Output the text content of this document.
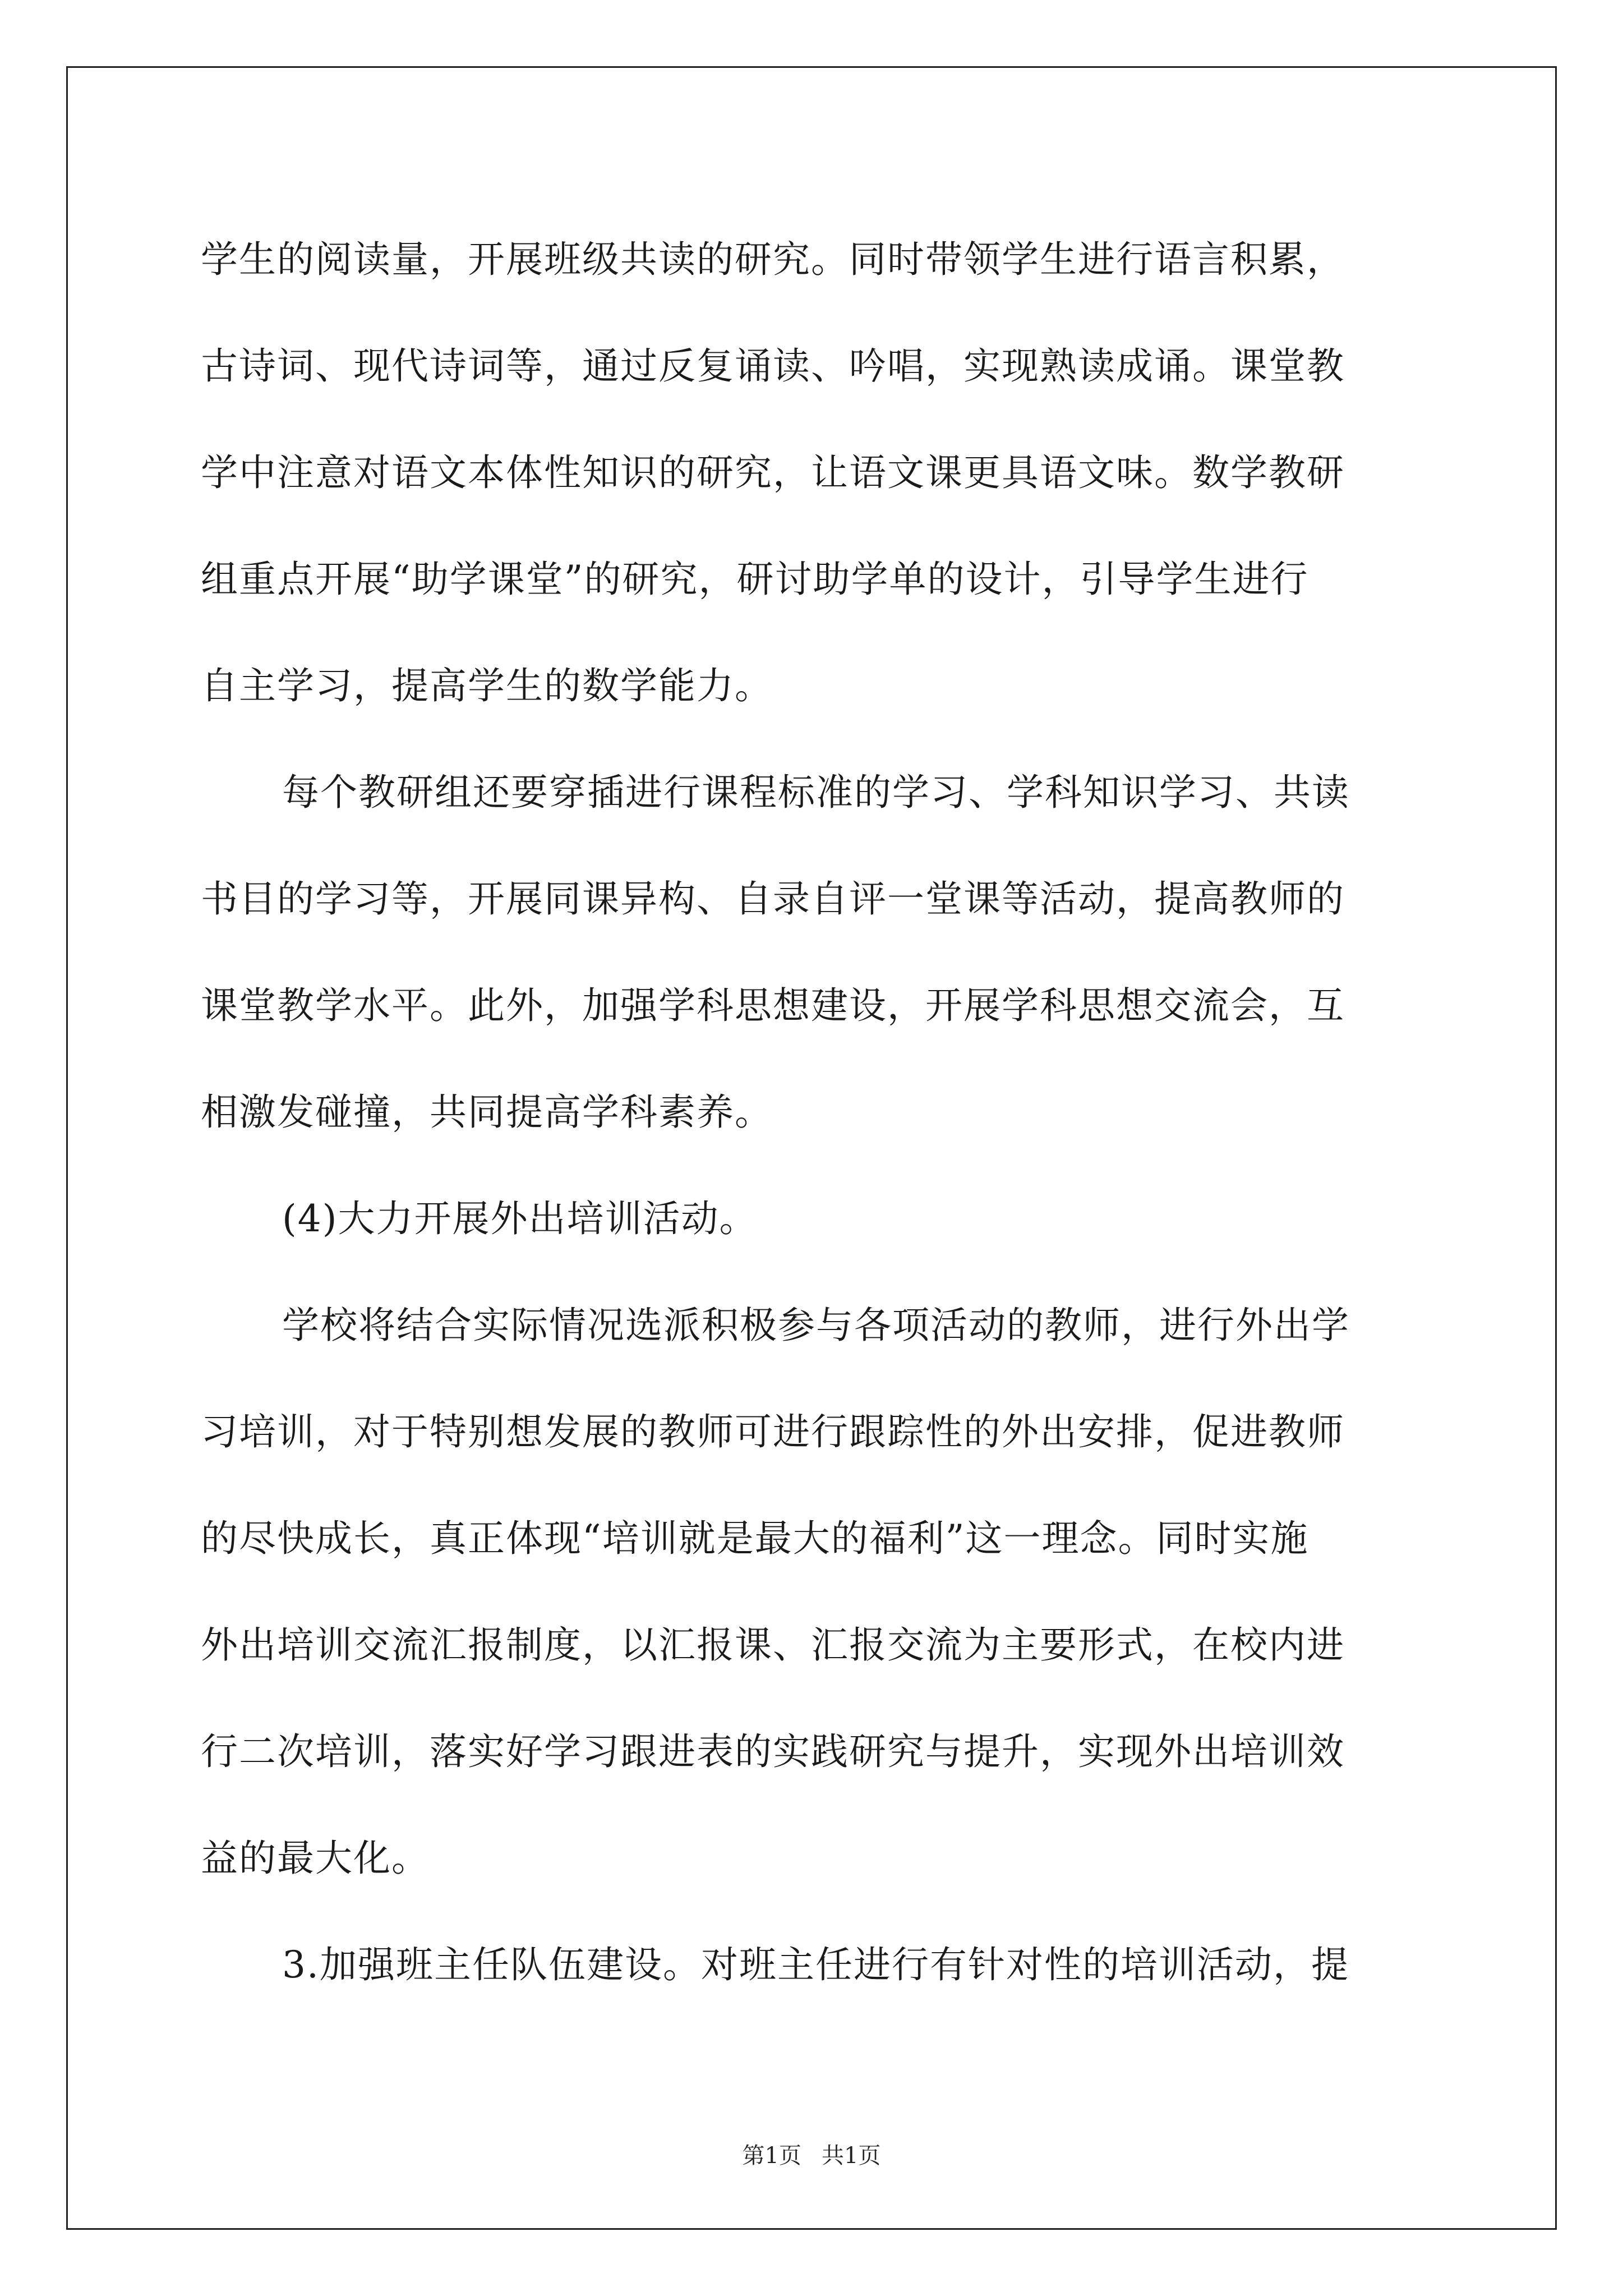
学生的阅读量，开展班级共读的研究。同时带领学生进行语言积累，
古诗词、现代诗词等，通过反复诵读、吟唱，实现熟读成诵。课堂教
学中注意对语文本体性知识的研究，让语文课更具语文味。数学教研
组重点开展“助学课堂”的研究，研讨助学单的设计，引导学生进行
自主学习，提高学生的数学能力。
每个教研组还要穿插进行课程标准的学习、学科知识学习、共读
书目的学习等，开展同课异构、自录自评一堂课等活动，提高教师的
课堂教学水平。此外，加强学科思想建设，开展学科思想交流会，互
相激发碰撞，共同提高学科素养。
(4)大力开展外出培训活动。
学校将结合实际情况选派积极参与各项活动的教师，进行外出学
习培训，对于特别想发展的教师可进行跟踪性的外出安排，促进教师
的尽快成长，真正体现“培训就是最大的福利”这一理念。同时实施
外出培训交流汇报制度，以汇报课、汇报交流为主要形式，在校内进
行二次培训，落实好学习跟进表的实践研究与提升，实现外出培训效
益的最大化。
3.加强班主任队伍建设。对班主任进行有针对性的培训活动，提
第1页 共1页
